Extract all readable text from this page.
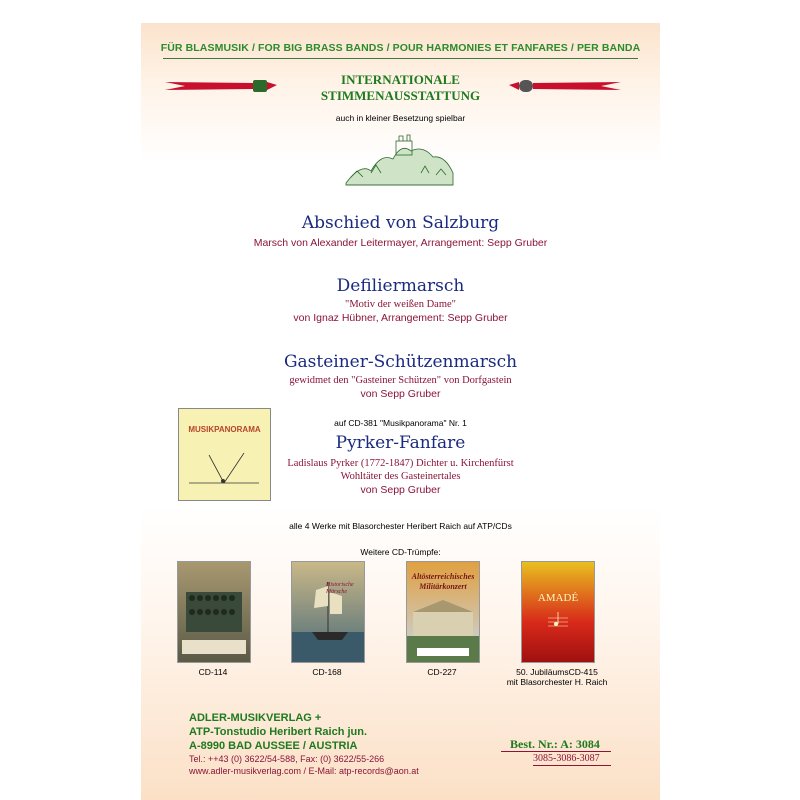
FÜR BLASMUSIK / FOR BIG BRASS BANDS / POUR HARMONIES ET FANFARES / PER BANDA
INTERNATIONALE
STIMMENAUSSTATTUNG
auch in kleiner Besetzung spielbar
Abschied von Salzburg
Marsch von Alexander Leitermayer, Arrangement: Sepp Gruber
Defiliermarsch
"Motiv der weißen Dame"
von Ignaz Hübner, Arrangement: Sepp Gruber
Gasteiner-Schützenmarsch
gewidmet den "Gasteiner Schützen" von Dorfgastein
von Sepp Gruber
MUSIKPANORAMA
auf CD-381 "Musikpanorama" Nr. 1
Pyrker-Fanfare
Ladislaus Pyrker (1772-1847) Dichter u. Kirchenfürst
Wohltäter des Gasteinertales
von Sepp Gruber
alle 4 Werke mit Blasorchester Heribert Raich auf ATP/CDs
Weitere CD-Trümpfe:
Historische Märsche
Altösterreichisches Militärkonzert
AMADÉ
CD-114	CD-168	CD-227	50. JubiläumsCD-415
mit Blasorchester H. Raich
ADLER-MUSIKVERLAG +
ATP-Tonstudio Heribert Raich jun.
A-8990 BAD AUSSEE / AUSTRIA
Tel.: ++43 (0) 3622/54-588, Fax: (0) 3622/55-266
www.adler-musikverlag.com / E-Mail: atp-records@aon.at
Best. Nr.: A: 3084
3085-3086-3087
